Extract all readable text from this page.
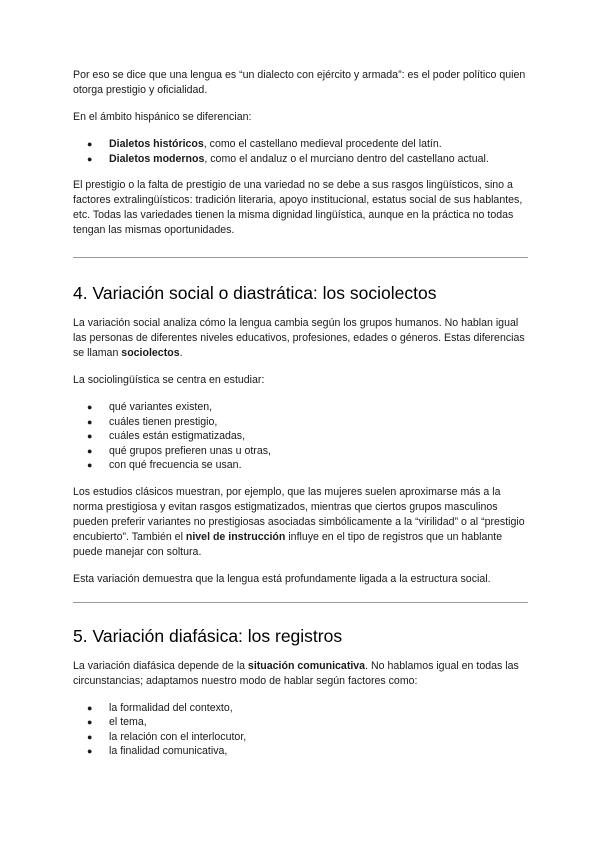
Por eso se dice que una lengua es “un dialecto con ejército y armada”: es el poder político quien otorga prestigio y oficialidad.

En el ámbito hispánico se diferencian:

● Dialetos históricos, como el castellano medieval procedente del latín.
● Dialetos modernos, como el andaluz o el murciano dentro del castellano actual.

El prestigio o la falta de prestigio de una variedad no se debe a sus rasgos lingüísticos, sino a factores extralingüísticos: tradición literaria, apoyo institucional, estatus social de sus hablantes, etc. Todas las variedades tienen la misma dignidad lingüística, aunque en la práctica no todas tengan las mismas oportunidades.

4. Variación social o diastrática: los sociolectos

La variación social analiza cómo la lengua cambia según los grupos humanos. No hablan igual las personas de diferentes niveles educativos, profesiones, edades o géneros. Estas diferencias se llaman sociolectos.

La sociolingüística se centra en estudiar:

● qué variantes existen,
● cuáles tienen prestigio,
● cuáles están estigmatizadas,
● qué grupos prefieren unas u otras,
● con qué frecuencia se usan.

Los estudios clásicos muestran, por ejemplo, que las mujeres suelen aproximarse más a la norma prestigiosa y evitan rasgos estigmatizados, mientras que ciertos grupos masculinos pueden preferir variantes no prestigiosas asociadas simbólicamente a la “virilidad” o al “prestigio encubierto”. También el nivel de instrucción influye en el tipo de registros que un hablante puede manejar con soltura.

Esta variación demuestra que la lengua está profundamente ligada a la estructura social.

5. Variación diafásica: los registros

La variación diafásica depende de la situación comunicativa. No hablamos igual en todas las circunstancias; adaptamos nuestro modo de hablar según factores como:

● la formalidad del contexto,
● el tema,
● la relación con el interlocutor,
● la finalidad comunicativa,
